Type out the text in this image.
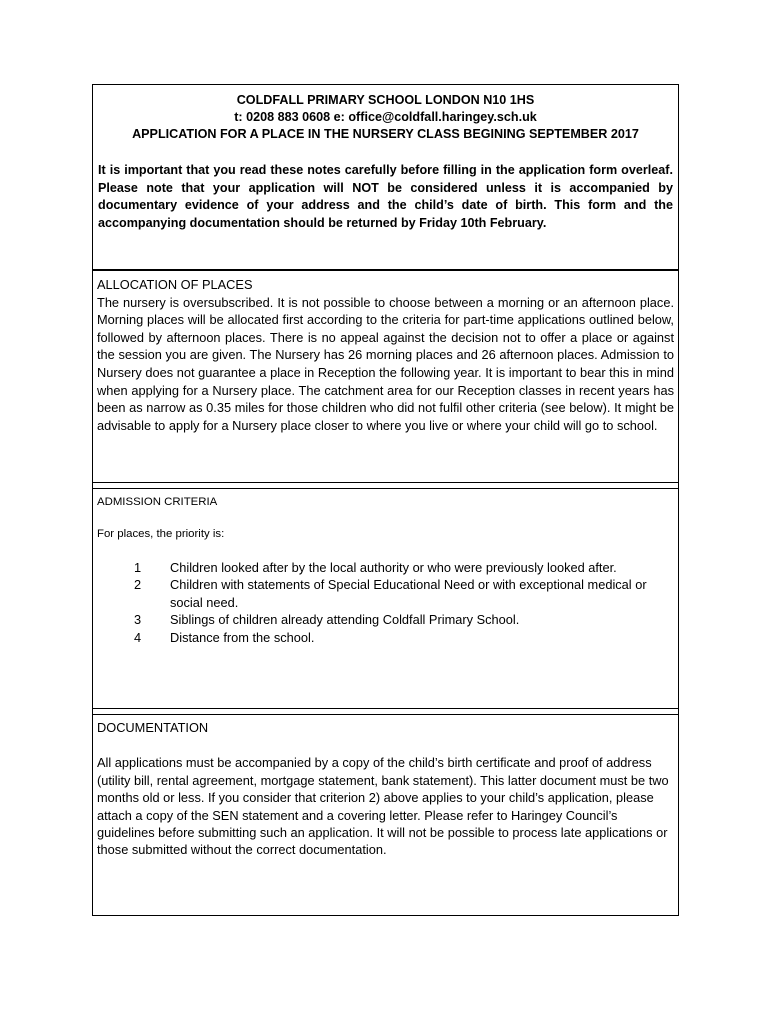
COLDFALL PRIMARY SCHOOL LONDON N10 1HS
t: 0208 883 0608 e: office@coldfall.haringey.sch.uk
APPLICATION FOR A PLACE IN THE NURSERY CLASS BEGINING SEPTEMBER 2017
It is important that you read these notes carefully before filling in the application form overleaf. Please note that your application will NOT be considered unless it is accompanied by documentary evidence of your address and the child’s date of birth. This form and the accompanying documentation should be returned by Friday 10th February.
ALLOCATION OF PLACES
The nursery is oversubscribed. It is not possible to choose between a morning or an afternoon place. Morning places will be allocated first according to the criteria for part-time applications outlined below, followed by afternoon places. There is no appeal against the decision not to offer a place or against the session you are given. The Nursery has 26 morning places and 26 afternoon places. Admission to Nursery does not guarantee a place in Reception the following year. It is important to bear this in mind when applying for a Nursery place. The catchment area for our Reception classes in recent years has been as narrow as 0.35 miles for those children who did not fulfil other criteria (see below). It might be advisable to apply for a Nursery place closer to where you live or where your child will go to school.
ADMISSION CRITERIA
For places, the priority is:
1 Children looked after by the local authority or who were previously looked after.
2 Children with statements of Special Educational Need or with exceptional medical or social need.
3 Siblings of children already attending Coldfall Primary School.
4 Distance from the school.
DOCUMENTATION
All applications must be accompanied by a copy of the child’s birth certificate and proof of address (utility bill, rental agreement, mortgage statement, bank statement). This latter document must be two months old or less. If you consider that criterion 2) above applies to your child’s application, please attach a copy of the SEN statement and a covering letter. Please refer to Haringey Council’s guidelines before submitting such an application. It will not be possible to process late applications or those submitted without the correct documentation.
